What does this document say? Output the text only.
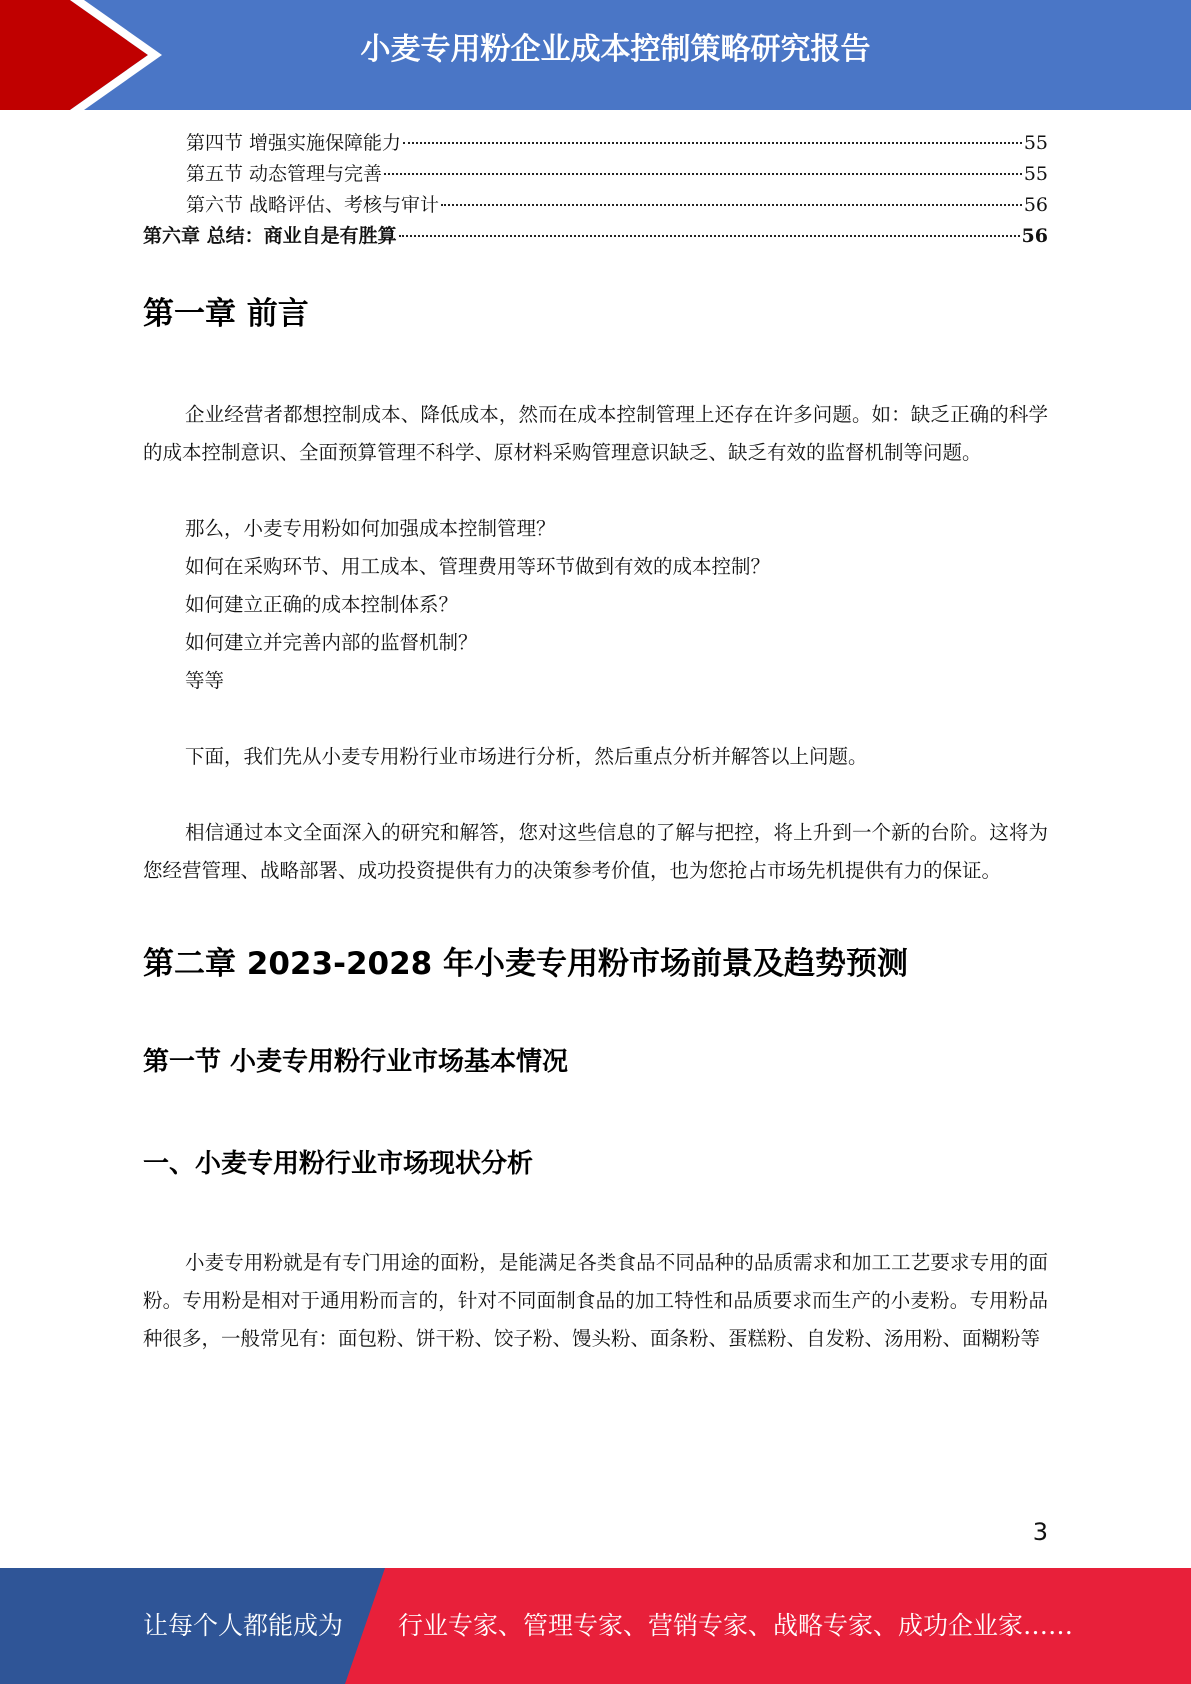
小麦专用粉企业成本控制策略研究报告
第四节 增强实施保障能力	55
第五节 动态管理与完善	55
第六节 战略评估、考核与审计	56
第六章 总结：商业自是有胜算	56
第一章 前言

企业经营者都想控制成本、降低成本，然而在成本控制管理上还存在许多问题。如：缺乏正确的科学的成本控制意识、全面预算管理不科学、原材料采购管理意识缺乏、缺乏有效的监督机制等问题。

那么，小麦专用粉如何加强成本控制管理？

如何在采购环节、用工成本、管理费用等环节做到有效的成本控制？

如何建立正确的成本控制体系？

如何建立并完善内部的监督机制？

等等

下面，我们先从小麦专用粉行业市场进行分析，然后重点分析并解答以上问题。

相信通过本文全面深入的研究和解答，您对这些信息的了解与把控，将上升到一个新的台阶。这将为您经营管理、战略部署、成功投资提供有力的决策参考价值，也为您抢占市场先机提供有力的保证。

第二章 2023-2028 年小麦专用粉市场前景及趋势预测
第一节 小麦专用粉行业市场基本情况
一、小麦专用粉行业市场现状分析

小麦专用粉就是有专门用途的面粉，是能满足各类食品不同品种的品质需求和加工工艺要求专用的面粉。专用粉是相对于通用粉而言的，针对不同面制食品的加工特性和品质要求而生产的小麦粉。专用粉品种很多，一般常见有：面包粉、饼干粉、饺子粉、馒头粉、面条粉、蛋糕粉、自发粉、汤用粉、面糊粉等

3
让每个人都能成为 行业专家、管理专家、营销专家、战略专家、成功企业家……
